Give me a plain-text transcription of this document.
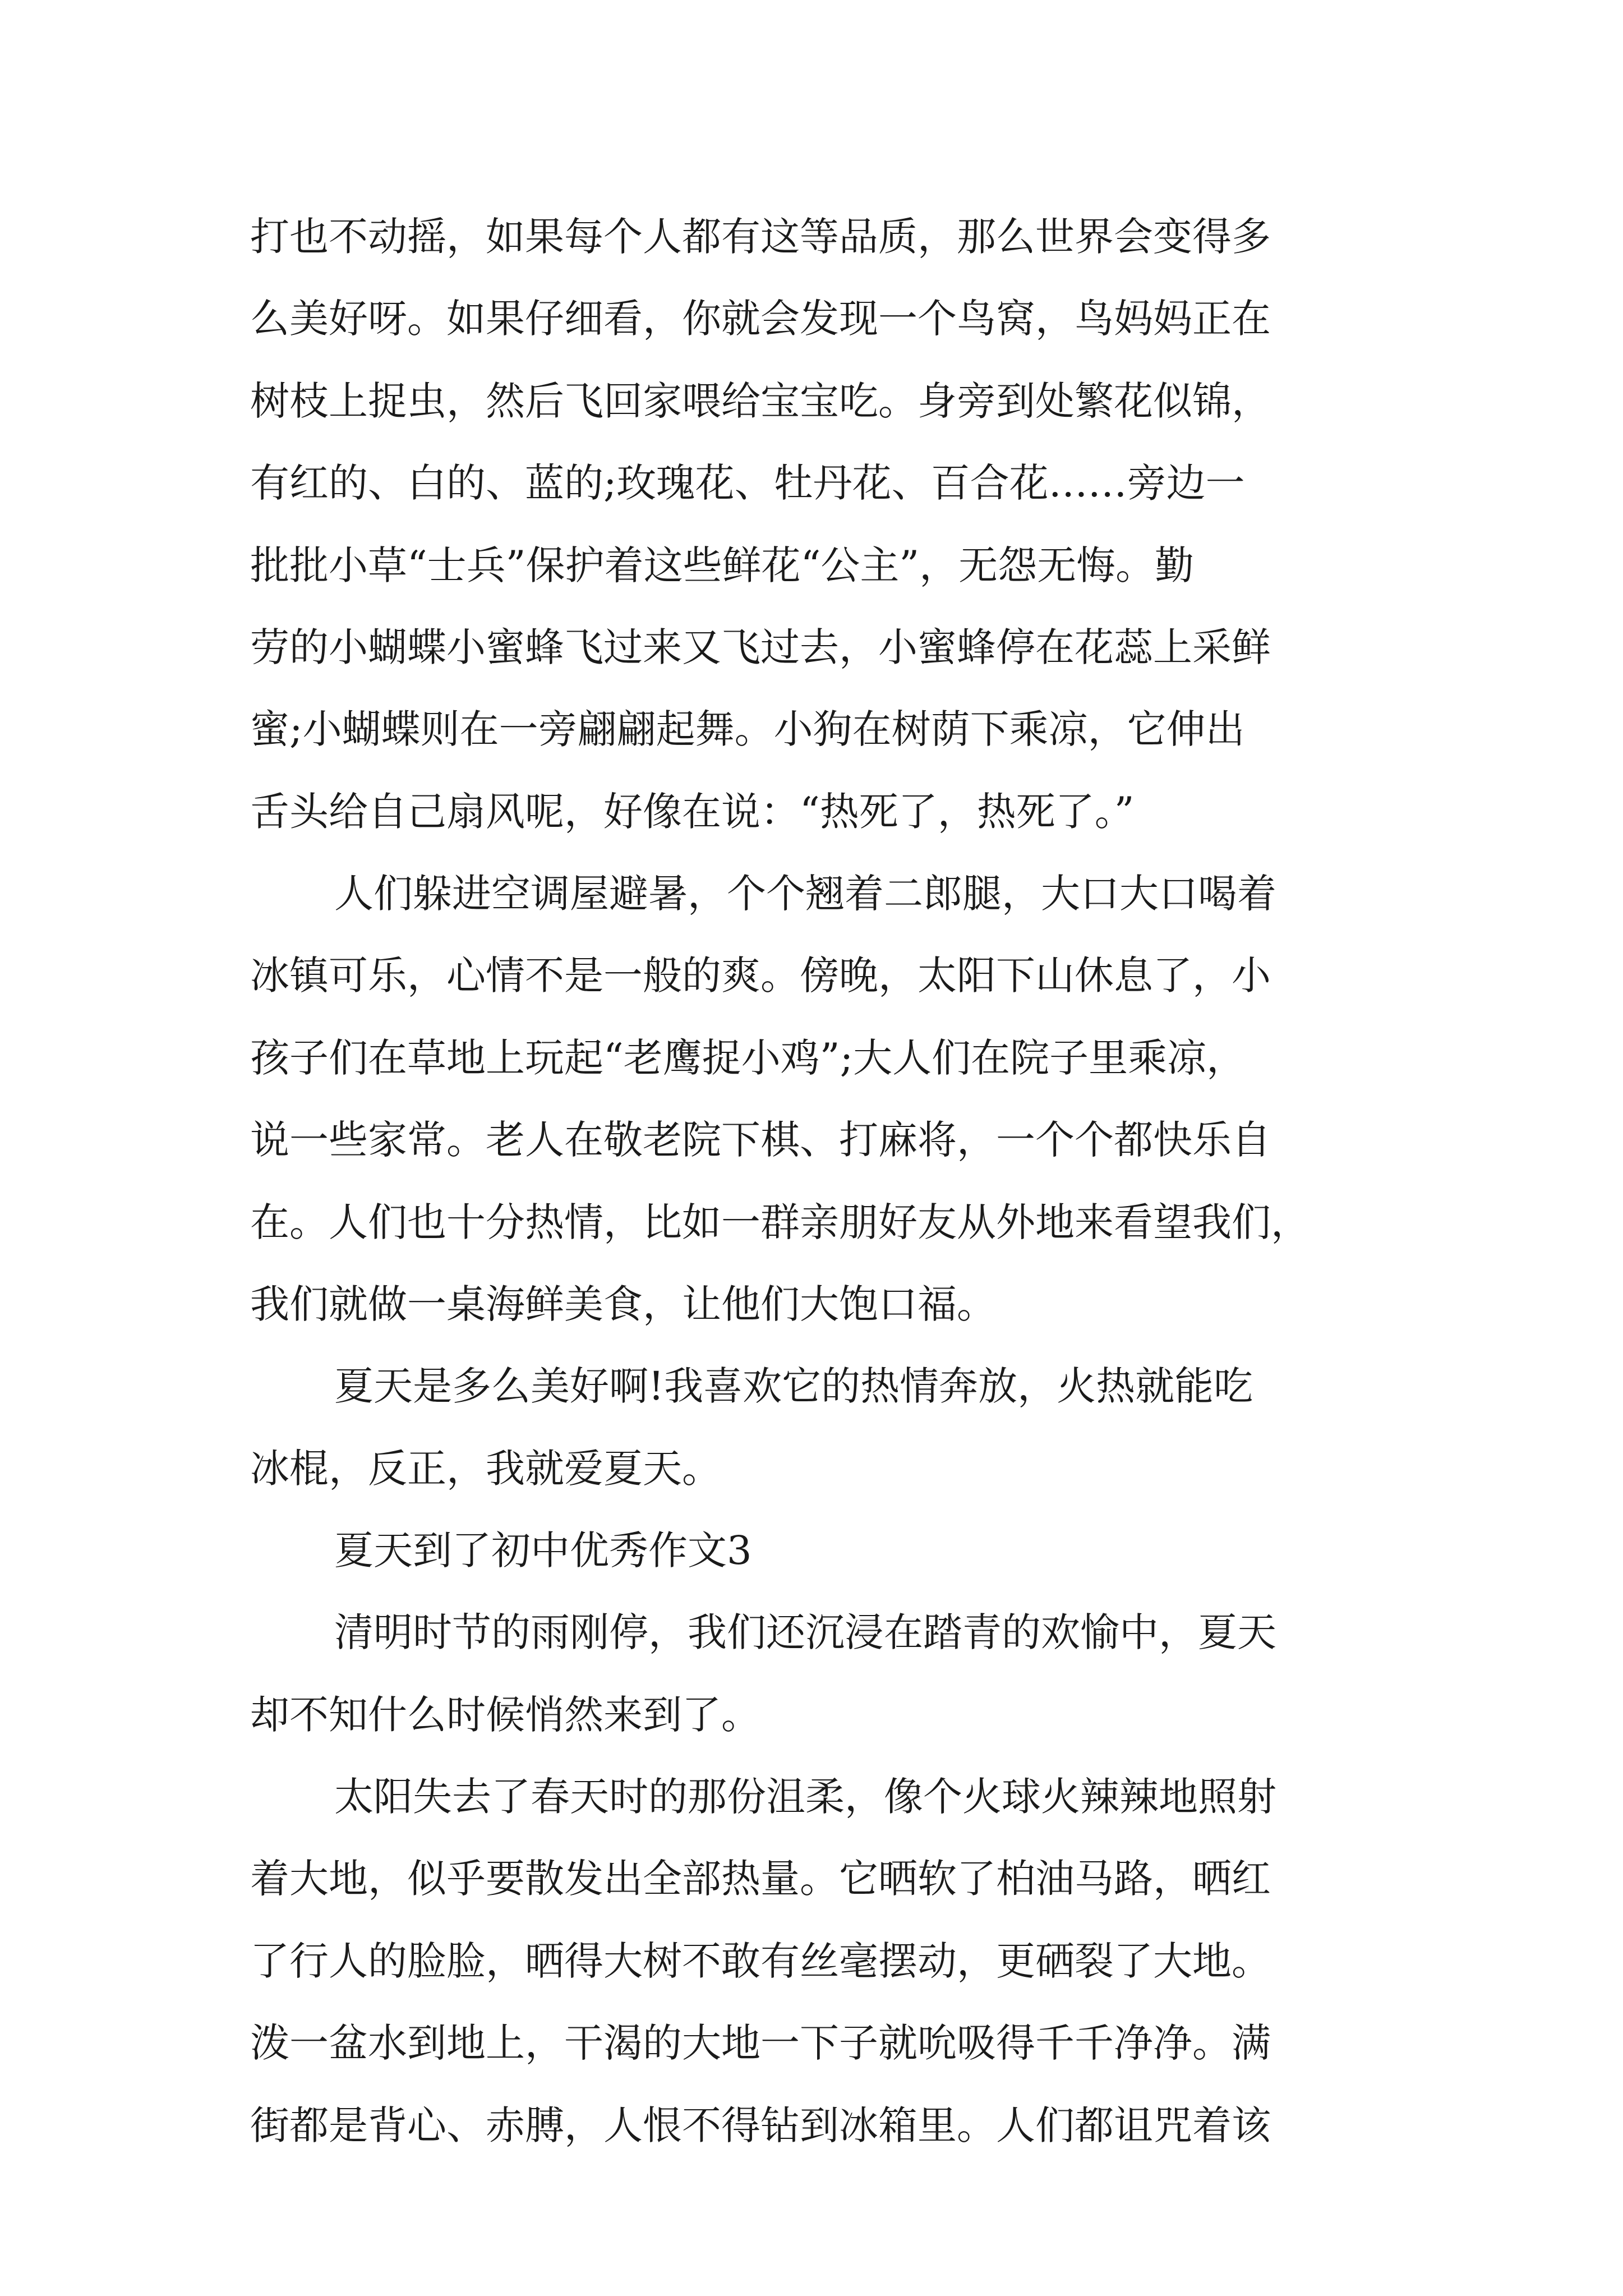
打也不动摇，如果每个人都有这等品质，那么世界会变得多
么美好呀。如果仔细看，你就会发现一个鸟窝，鸟妈妈正在
树枝上捉虫，然后飞回家喂给宝宝吃。身旁到处繁花似锦，
有红的、白的、蓝的;玫瑰花、牡丹花、百合花……旁边一
批批小草“士兵”保护着这些鲜花“公主”，无怨无悔。勤
劳的小蝴蝶小蜜蜂飞过来又飞过去，小蜜蜂停在花蕊上采鲜
蜜;小蝴蝶则在一旁翩翩起舞。小狗在树荫下乘凉，它伸出
舌头给自己扇风呢，好像在说：“热死了，热死了。”
人们躲进空调屋避暑，个个翘着二郎腿，大口大口喝着
冰镇可乐，心情不是一般的爽。傍晚，太阳下山休息了，小
孩子们在草地上玩起“老鹰捉小鸡”;大人们在院子里乘凉，
说一些家常。老人在敬老院下棋、打麻将，一个个都快乐自
在。人们也十分热情，比如一群亲朋好友从外地来看望我们，
我们就做一桌海鲜美食，让他们大饱口福。
夏天是多么美好啊!我喜欢它的热情奔放，火热就能吃
冰棍，反正，我就爱夏天。
夏天到了初中优秀作文3
清明时节的雨刚停，我们还沉浸在踏青的欢愉中，夏天
却不知什么时候悄然来到了。
太阳失去了春天时的那份沮柔，像个火球火辣辣地照射
着大地，似乎要散发出全部热量。它晒软了柏油马路，晒红
了行人的脸脸，晒得大树不敢有丝毫摆动，更硒裂了大地。
泼一盆水到地上，干渴的大地一下子就吮吸得千千净净。满
街都是背心、赤膊，人恨不得钻到冰箱里。人们都诅咒着该
